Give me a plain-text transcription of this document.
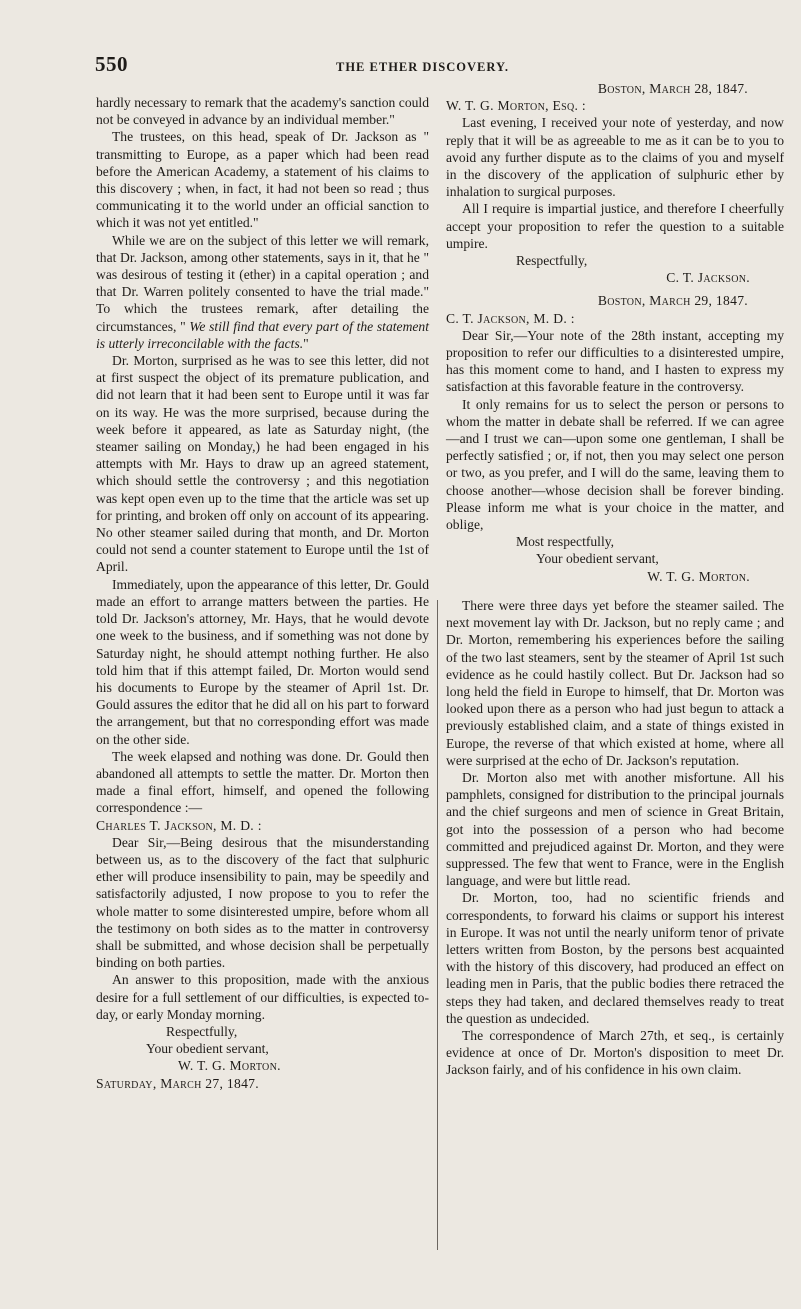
550	THE ETHER DISCOVERY.

hardly necessary to remark that the academy's sanction could not be conveyed in advance by an individual member."

The trustees, on this head, speak of Dr. Jackson as " transmitting to Europe, as a paper which had been read before the American Academy, a statement of his claims to this discovery ; when, in fact, it had not been so read ; thus communicating it to the world under an official sanction to which it was not yet entitled."

While we are on the subject of this letter we will remark, that Dr. Jackson, among other statements, says in it, that he " was desirous of testing it (ether) in a capital operation ; and that Dr. Warren politely consented to have the trial made." To which the trustees remark, after detailing the circumstances, " We still find that every part of the statement is utterly irreconcilable with the facts."

Dr. Morton, surprised as he was to see this letter, did not at first suspect the object of its premature publication, and did not learn that it had been sent to Europe until it was far on its way. He was the more surprised, because during the week before it appeared, as late as Saturday night, (the steamer sailing on Monday,) he had been engaged in his attempts with Mr. Hays to draw up an agreed statement, which should settle the controversy ; and this negotiation was kept open even up to the time that the article was set up for printing, and broken off only on account of its appearing. No other steamer sailed during that month, and Dr. Morton could not send a counter statement to Europe until the 1st of April.

Immediately, upon the appearance of this letter, Dr. Gould made an effort to arrange matters between the parties. He told Dr. Jackson's attorney, Mr. Hays, that he would devote one week to the business, and if something was not done by Saturday night, he should attempt nothing further. He also told him that if this attempt failed, Dr. Morton would send his documents to Europe by the steamer of April 1st. Dr. Gould assures the editor that he did all on his part to forward the arrangement, but that no corresponding effort was made on the other side.

The week elapsed and nothing was done. Dr. Gould then abandoned all attempts to settle the matter. Dr. Morton then made a final effort, himself, and opened the following correspondence :—

Charles T. Jackson, M. D. :

Dear Sir,—Being desirous that the misunderstanding between us, as to the discovery of the fact that sulphuric ether will produce insensibility to pain, may be speedily and satisfactorily adjusted, I now propose to you to refer the whole matter to some disinterested umpire, before whom all the testimony on both sides as to the matter in controversy shall be submitted, and whose decision shall be perpetually binding on both parties.

An answer to this proposition, made with the anxious desire for a full settlement of our difficulties, is expected to-day, or early Monday morning.

Respectfully,

Your obedient servant,

W. T. G. Morton.

Saturday, March 27, 1847.

Boston, March 28, 1847.

W. T. G. Morton, Esq. :

Last evening, I received your note of yesterday, and now reply that it will be as agreeable to me as it can be to you to avoid any further dispute as to the claims of you and myself in the discovery of the application of sulphuric ether by inhalation to surgical purposes.

All I require is impartial justice, and therefore I cheerfully accept your proposition to refer the question to a suitable umpire.

Respectfully,

C. T. Jackson.

Boston, March 29, 1847.

C. T. Jackson, M. D. :

Dear Sir,—Your note of the 28th instant, accepting my proposition to refer our difficulties to a disinterested umpire, has this moment come to hand, and I hasten to express my satisfaction at this favorable feature in the controversy.

It only remains for us to select the person or persons to whom the matter in debate shall be referred. If we can agree—and I trust we can—upon some one gentleman, I shall be perfectly satisfied ; or, if not, then you may select one person or two, as you prefer, and I will do the same, leaving them to choose another—whose decision shall be forever binding. Please inform me what is your choice in the matter, and oblige,

Most respectfully,

Your obedient servant,

W. T. G. Morton.

There were three days yet before the steamer sailed. The next movement lay with Dr. Jackson, but no reply came ; and Dr. Morton, remembering his experiences before the sailing of the two last steamers, sent by the steamer of April 1st such evidence as he could hastily collect. But Dr. Jackson had so long held the field in Europe to himself, that Dr. Morton was looked upon there as a person who had just begun to attack a previously established claim, and a state of things existed in Europe, the reverse of that which existed at home, where all were surprised at the echo of Dr. Jackson's reputation.

Dr. Morton also met with another misfortune. All his pamphlets, consigned for distribution to the principal journals and the chief surgeons and men of science in Great Britain, got into the possession of a person who had become committed and prejudiced against Dr. Morton, and they were suppressed. The few that went to France, were in the English language, and were but little read.

Dr. Morton, too, had no scientific friends and correspondents, to forward his claims or support his interest in Europe. It was not until the nearly uniform tenor of private letters written from Boston, by the persons best acquainted with the history of this discovery, had produced an effect on leading men in Paris, that the public bodies there retraced the steps they had taken, and declared themselves ready to treat the question as undecided.

The correspondence of March 27th, et seq., is certainly evidence at once of Dr. Morton's disposition to meet Dr. Jackson fairly, and of his confidence in his own claim.
